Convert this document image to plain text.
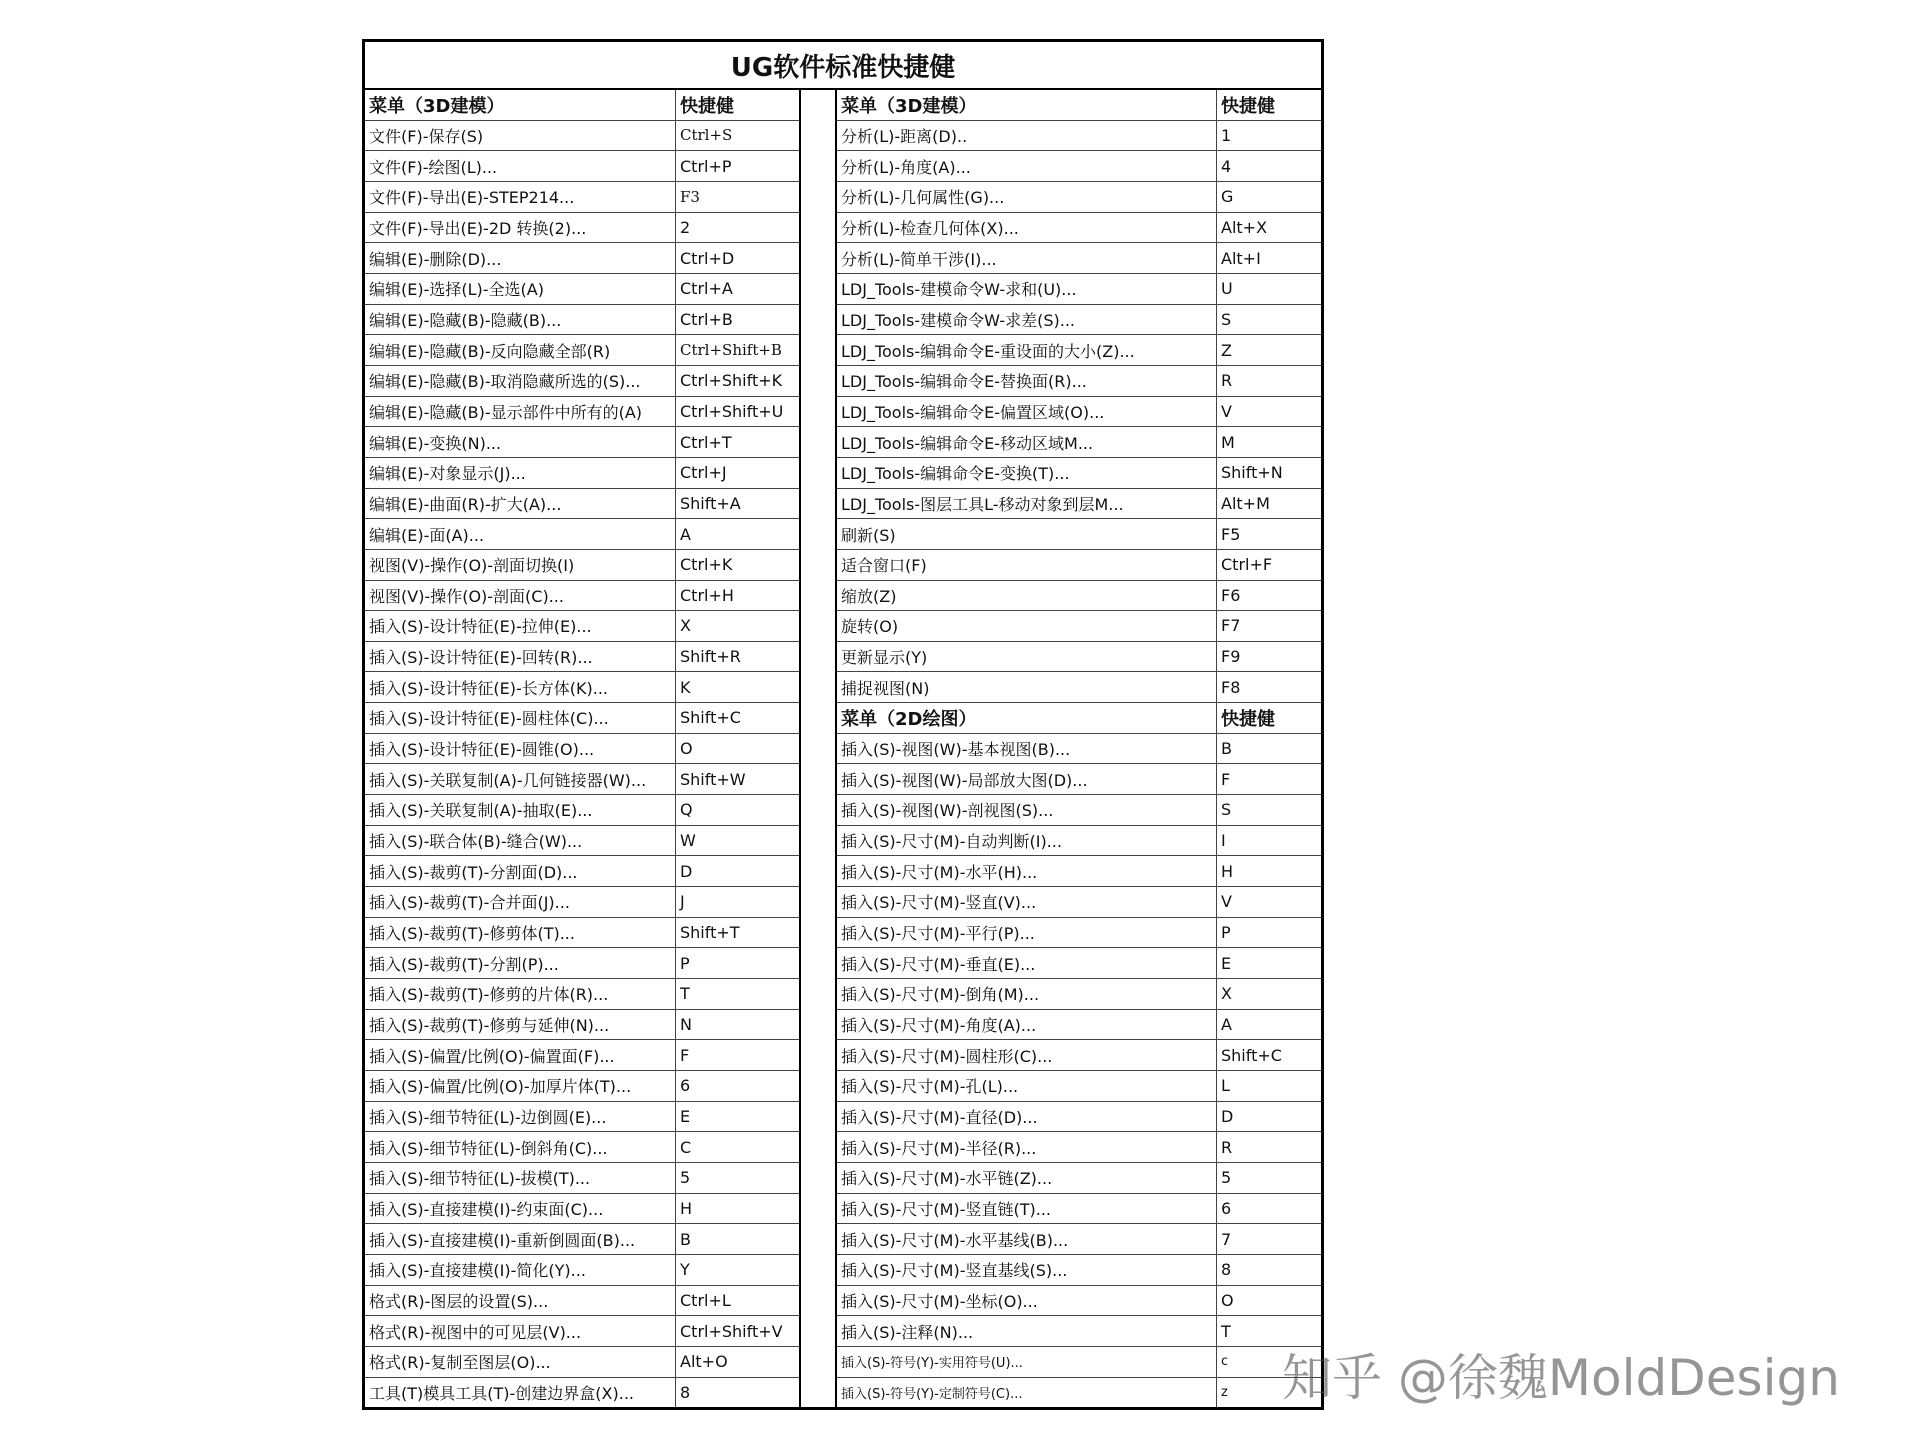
UG软件标准快捷健
菜单（3D建模）	快捷健
文件(F)-保存(S)	Ctrl+S
文件(F)-绘图(L)...	Ctrl+P
文件(F)-导出(E)-STEP214...	F3
文件(F)-导出(E)-2D 转换(2)...	2
编辑(E)-删除(D)...	Ctrl+D
编辑(E)-选择(L)-全选(A)	Ctrl+A
编辑(E)-隐藏(B)-隐藏(B)...	Ctrl+B
编辑(E)-隐藏(B)-反向隐藏全部(R)	Ctrl+Shift+B
编辑(E)-隐藏(B)-取消隐藏所选的(S)...	Ctrl+Shift+K
编辑(E)-隐藏(B)-显示部件中所有的(A)	Ctrl+Shift+U
编辑(E)-变换(N)...	Ctrl+T
编辑(E)-对象显示(J)...	Ctrl+J
编辑(E)-曲面(R)-扩大(A)...	Shift+A
编辑(E)-面(A)...	A
视图(V)-操作(O)-剖面切换(I)	Ctrl+K
视图(V)-操作(O)-剖面(C)...	Ctrl+H
插入(S)-设计特征(E)-拉伸(E)...	X
插入(S)-设计特征(E)-回转(R)...	Shift+R
插入(S)-设计特征(E)-长方体(K)...	K
插入(S)-设计特征(E)-圆柱体(C)...	Shift+C
插入(S)-设计特征(E)-圆锥(O)...	O
插入(S)-关联复制(A)-几何链接器(W)...	Shift+W
插入(S)-关联复制(A)-抽取(E)...	Q
插入(S)-联合体(B)-缝合(W)...	W
插入(S)-裁剪(T)-分割面(D)...	D
插入(S)-裁剪(T)-合并面(J)...	J
插入(S)-裁剪(T)-修剪体(T)...	Shift+T
插入(S)-裁剪(T)-分割(P)...	P
插入(S)-裁剪(T)-修剪的片体(R)...	T
插入(S)-裁剪(T)-修剪与延伸(N)...	N
插入(S)-偏置/比例(O)-偏置面(F)...	F
插入(S)-偏置/比例(O)-加厚片体(T)...	6
插入(S)-细节特征(L)-边倒圆(E)...	E
插入(S)-细节特征(L)-倒斜角(C)...	C
插入(S)-细节特征(L)-拔模(T)...	5
插入(S)-直接建模(I)-约束面(C)...	H
插入(S)-直接建模(I)-重新倒圆面(B)...	B
插入(S)-直接建模(I)-简化(Y)...	Y
格式(R)-图层的设置(S)...	Ctrl+L
格式(R)-视图中的可见层(V)...	Ctrl+Shift+V
格式(R)-复制至图层(O)...	Alt+O
工具(T)模具工具(T)-创建边界盒(X)...	8
菜单（3D建模）	快捷健
分析(L)-距离(D)..	1
分析(L)-角度(A)...	4
分析(L)-几何属性(G)...	G
分析(L)-检查几何体(X)...	Alt+X
分析(L)-简单干涉(I)...	Alt+I
LDJ_Tools-建模命令W-求和(U)...	U
LDJ_Tools-建模命令W-求差(S)...	S
LDJ_Tools-编辑命令E-重设面的大小(Z)...	Z
LDJ_Tools-编辑命令E-替换面(R)...	R
LDJ_Tools-编辑命令E-偏置区域(O)...	V
LDJ_Tools-编辑命令E-移动区域M...	M
LDJ_Tools-编辑命令E-变换(T)...	Shift+N
LDJ_Tools-图层工具L-移动对象到层M...	Alt+M
刷新(S)	F5
适合窗口(F)	Ctrl+F
缩放(Z)	F6
旋转(O)	F7
更新显示(Y)	F9
捕捉视图(N)	F8
菜单（2D绘图）	快捷健
插入(S)-视图(W)-基本视图(B)...	B
插入(S)-视图(W)-局部放大图(D)...	F
插入(S)-视图(W)-剖视图(S)...	S
插入(S)-尺寸(M)-自动判断(I)...	I
插入(S)-尺寸(M)-水平(H)...	H
插入(S)-尺寸(M)-竖直(V)...	V
插入(S)-尺寸(M)-平行(P)...	P
插入(S)-尺寸(M)-垂直(E)...	E
插入(S)-尺寸(M)-倒角(M)...	X
插入(S)-尺寸(M)-角度(A)...	A
插入(S)-尺寸(M)-圆柱形(C)...	Shift+C
插入(S)-尺寸(M)-孔(L)...	L
插入(S)-尺寸(M)-直径(D)...	D
插入(S)-尺寸(M)-半径(R)...	R
插入(S)-尺寸(M)-水平链(Z)...	5
插入(S)-尺寸(M)-竖直链(T)...	6
插入(S)-尺寸(M)-水平基线(B)...	7
插入(S)-尺寸(M)-竖直基线(S)...	8
插入(S)-尺寸(M)-坐标(O)...	O
插入(S)-注释(N)...	T
插入(S)-符号(Y)-实用符号(U)...	c
插入(S)-符号(Y)-定制符号(C)...	z	知乎 @徐魏MoldDesign
